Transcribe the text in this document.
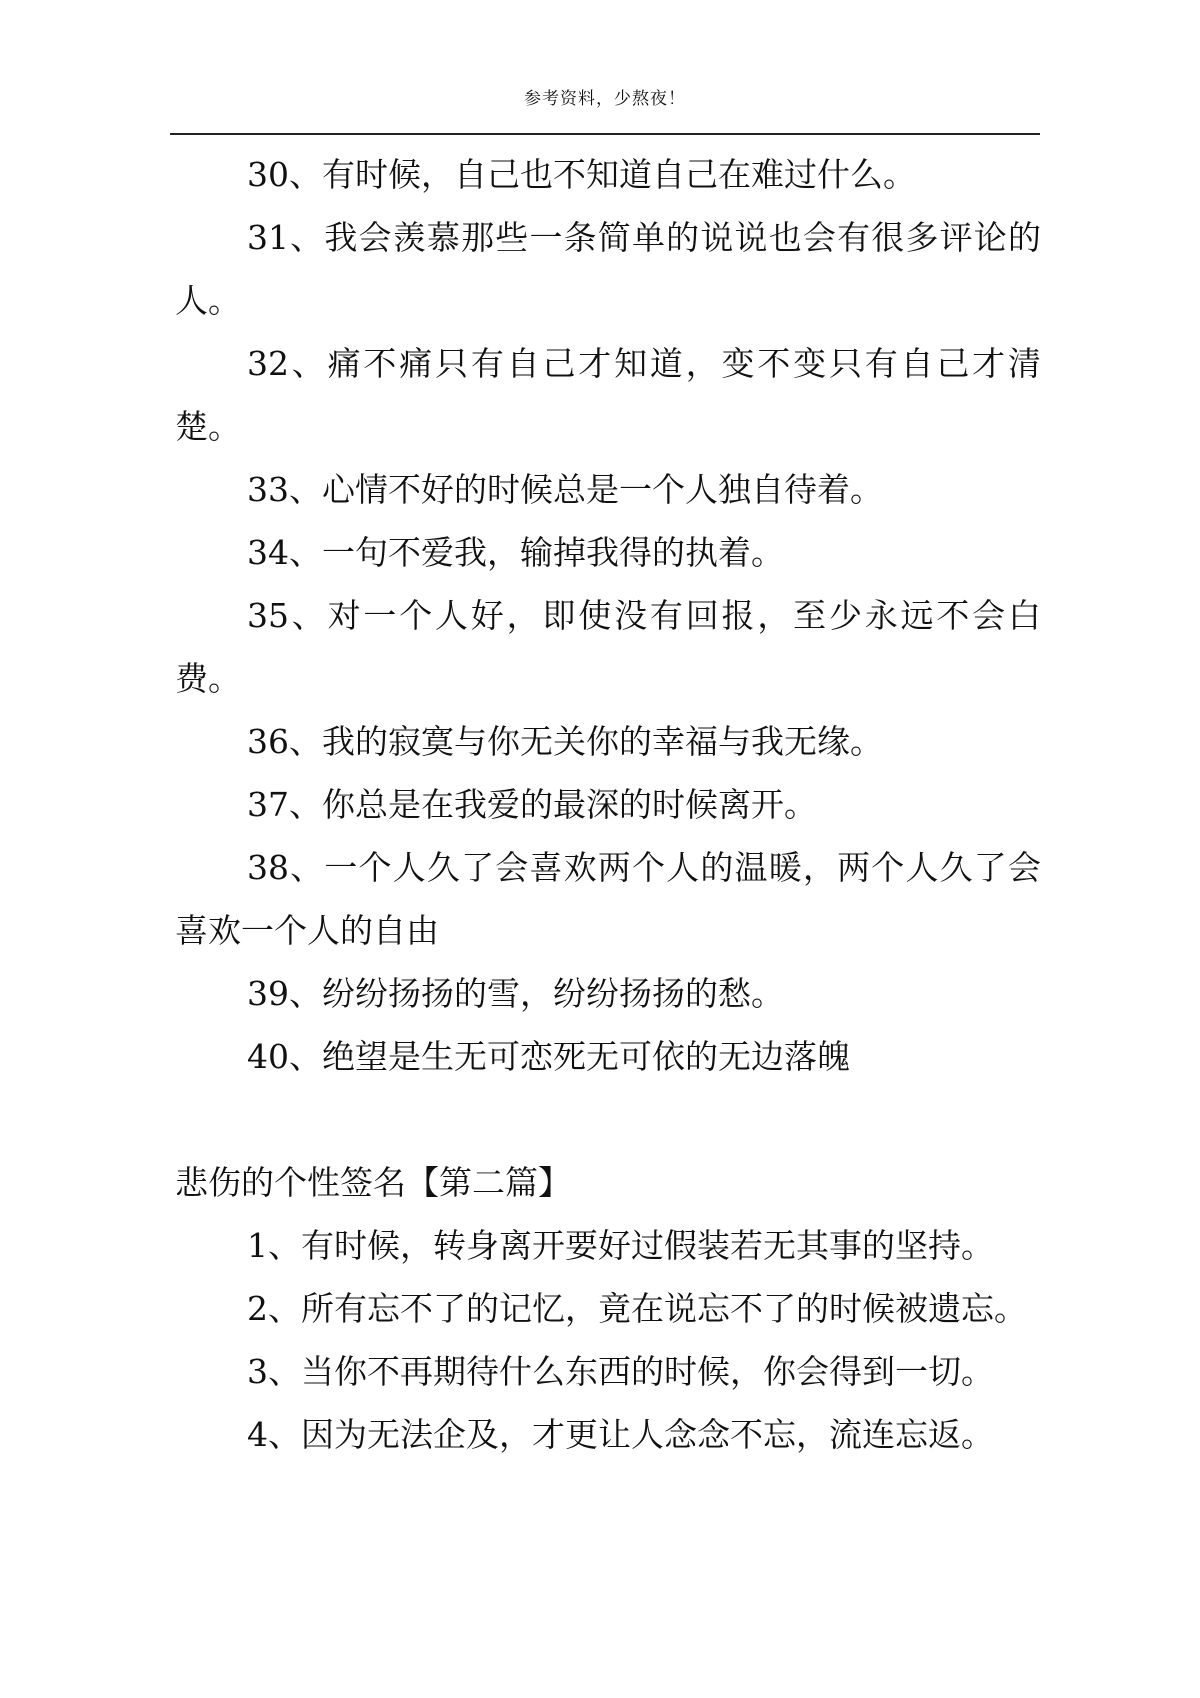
参考资料，少熬夜！

30、有时候，自己也不知道自己在难过什么。

31、我会羡慕那些一条简单的说说也会有很多评论的人。

32、痛不痛只有自己才知道，变不变只有自己才清楚。

33、心情不好的时候总是一个人独自待着。

34、一句不爱我，输掉我得的执着。

35、对一个人好，即使没有回报，至少永远不会白费。

36、我的寂寞与你无关你的幸福与我无缘。

37、你总是在我爱的最深的时候离开。

38、一个人久了会喜欢两个人的温暖，两个人久了会喜欢一个人的自由

39、纷纷扬扬的雪，纷纷扬扬的愁。

40、绝望是生无可恋死无可依的无边落魄

悲伤的个性签名【第二篇】

1、有时候，转身离开要好过假装若无其事的坚持。

2、所有忘不了的记忆，竟在说忘不了的时候被遗忘。

3、当你不再期待什么东西的时候，你会得到一切。

4、因为无法企及，才更让人念念不忘，流连忘返。
